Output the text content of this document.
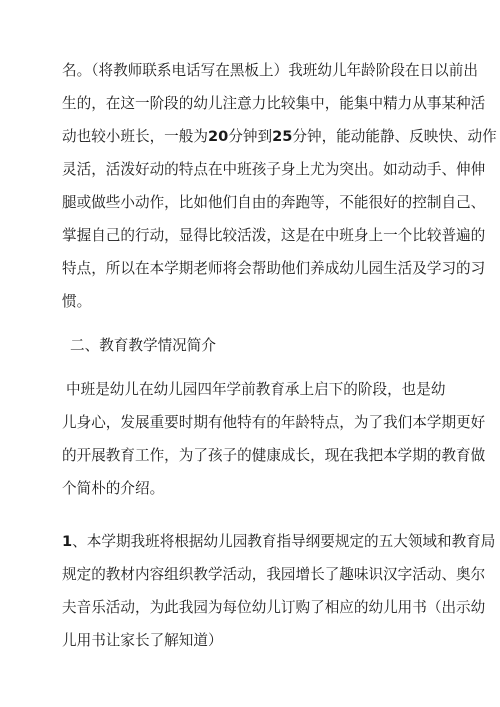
名。（将教师联系电话写在黑板上）我班幼儿年龄阶段在日以前出
生的，在这一阶段的幼儿注意力比较集中，能集中精力从事某种活
动也较小班长，一般为20分钟到25分钟，能动能静、反映快、动作
灵活，活泼好动的特点在中班孩子身上尤为突出。如动动手、伸伸
腿或做些小动作，比如他们自由的奔跑等，不能很好的控制自己、
掌握自己的行动，显得比较活泼，这是在中班身上一个比较普遍的
特点，所以在本学期老师将会帮助他们养成幼儿园生活及学习的习
惯。
二、教育教学情况简介
中班是幼儿在幼儿园四年学前教育承上启下的阶段，也是幼
儿身心，发展重要时期有他特有的年龄特点，为了我们本学期更好
的开展教育工作，为了孩子的健康成长，现在我把本学期的教育做
个简朴的介绍。
1、本学期我班将根据幼儿园教育指导纲要规定的五大领域和教育局
规定的教材内容组织教学活动，我园增长了趣味识汉字活动、奥尔
夫音乐活动，为此我园为每位幼儿订购了相应的幼儿用书（出示幼
儿用书让家长了解知道）
